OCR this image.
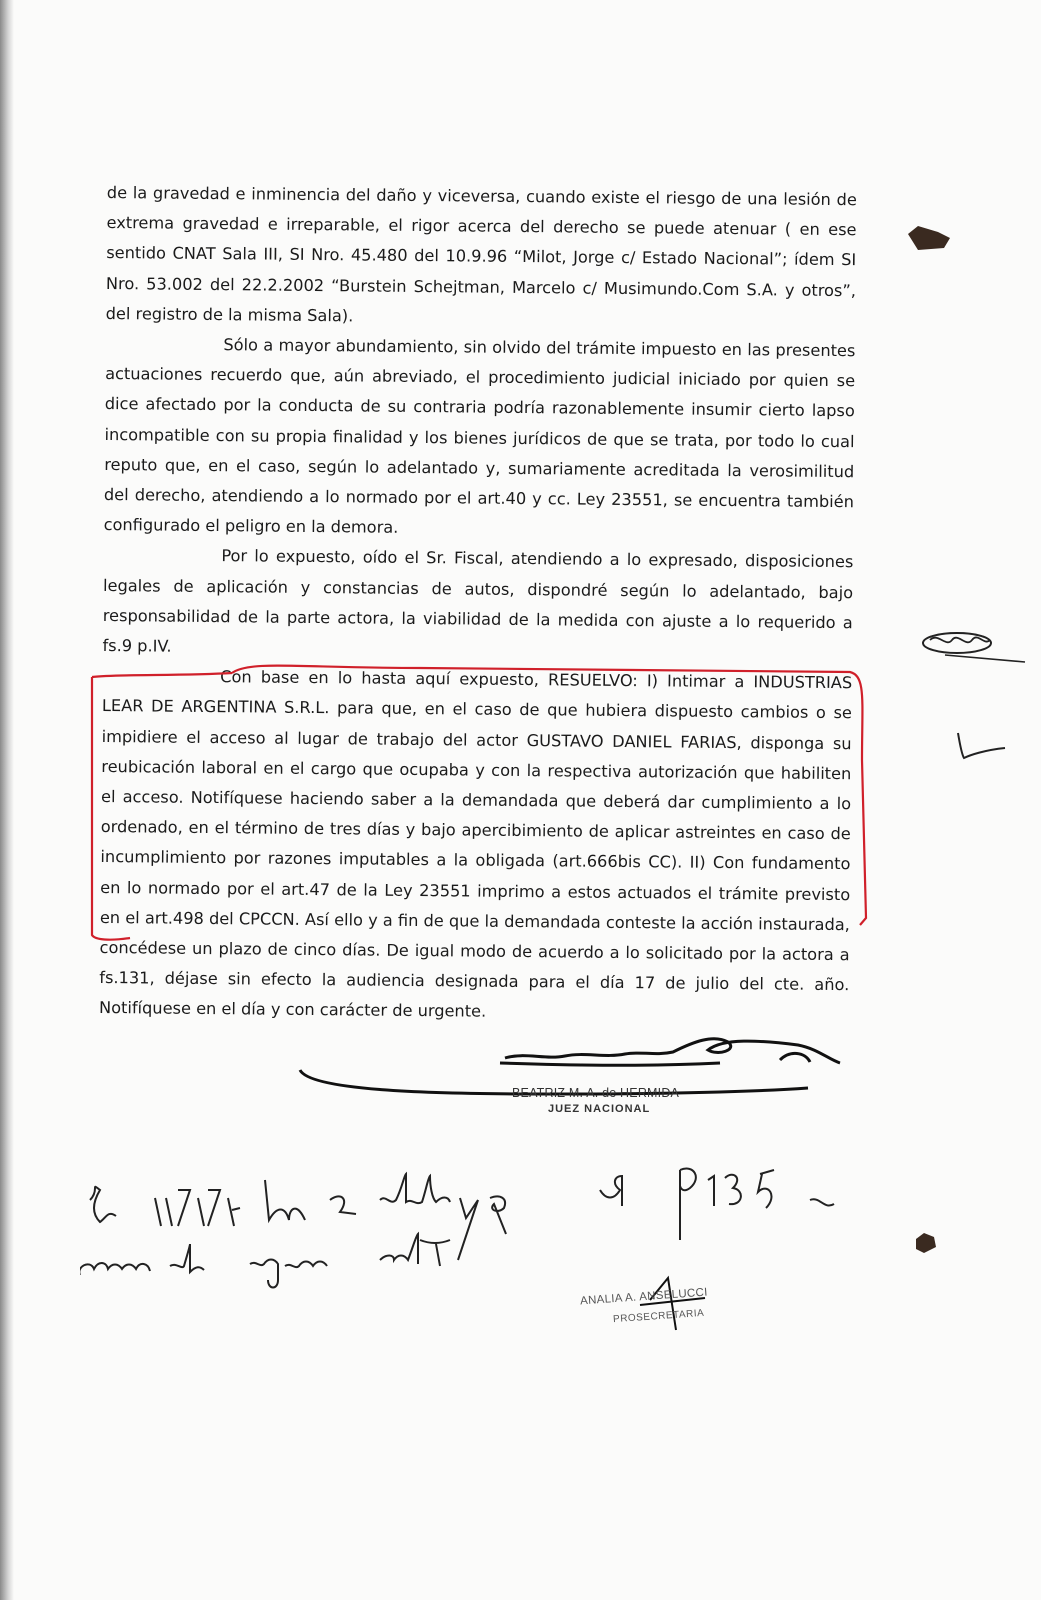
de la gravedad e inminencia del daño y viceversa, cuando existe el riesgo de una lesión de extrema gravedad e irreparable, el rigor acerca del derecho se puede atenuar ( en ese sentido CNAT Sala III, SI Nro. 45.480 del 10.9.96 “Milot, Jorge c/ Estado Nacional”; ídem SI Nro. 53.002 del 22.2.2002 “Burstein Schejtman, Marcelo c/ Musimundo.Com S.A. y otros”, del registro de la misma Sala).

Sólo a mayor abundamiento, sin olvido del trámite impuesto en las presentes actuaciones recuerdo que, aún abreviado, el procedimiento judicial iniciado por quien se dice afectado por la conducta de su contraria podría razonablemente insumir cierto lapso incompatible con su propia finalidad y los bienes jurídicos de que se trata, por todo lo cual reputo que, en el caso, según lo adelantado y, sumariamente acreditada la verosimilitud del derecho, atendiendo a lo normado por el art.40 y cc. Ley 23551, se encuentra también configurado el peligro en la demora.

Por lo expuesto, oído el Sr. Fiscal, atendiendo a lo expresado, disposiciones legales de aplicación y constancias de autos, dispondré según lo adelantado, bajo responsabilidad de la parte actora, la viabilidad de la medida con ajuste a lo requerido a fs.9 p.IV.

Con base en lo hasta aquí expuesto, RESUELVO: I) Intimar a INDUSTRIAS LEAR DE ARGENTINA S.R.L. para que, en el caso de que hubiera dispuesto cambios o se impidiere el acceso al lugar de trabajo del actor GUSTAVO DANIEL FARIAS, disponga su reubicación laboral en el cargo que ocupaba y con la respectiva autorización que habiliten el acceso. Notifíquese haciendo saber a la demandada que deberá dar cumplimiento a lo ordenado, en el término de tres días y bajo apercibimiento de aplicar astreintes en caso de incumplimiento por razones imputables a la obligada (art.666bis CC). II) Con fundamento en lo normado por el art.47 de la Ley 23551 imprimo a estos actuados el trámite previsto en el art.498 del CPCCN. Así ello y a fin de que la demandada conteste la acción instaurada, concédese un plazo de cinco días. De igual modo de acuerdo a lo solicitado por la actora a fs.131, déjase sin efecto la audiencia designada para el día 17 de julio del cte. año. Notifíquese en el día y con carácter de urgente.

BEATRIZ M. A. de HERMIDA
JUEZ NACIONAL
ANALIA A. ANSELUCCI
PROSECRETARIA
